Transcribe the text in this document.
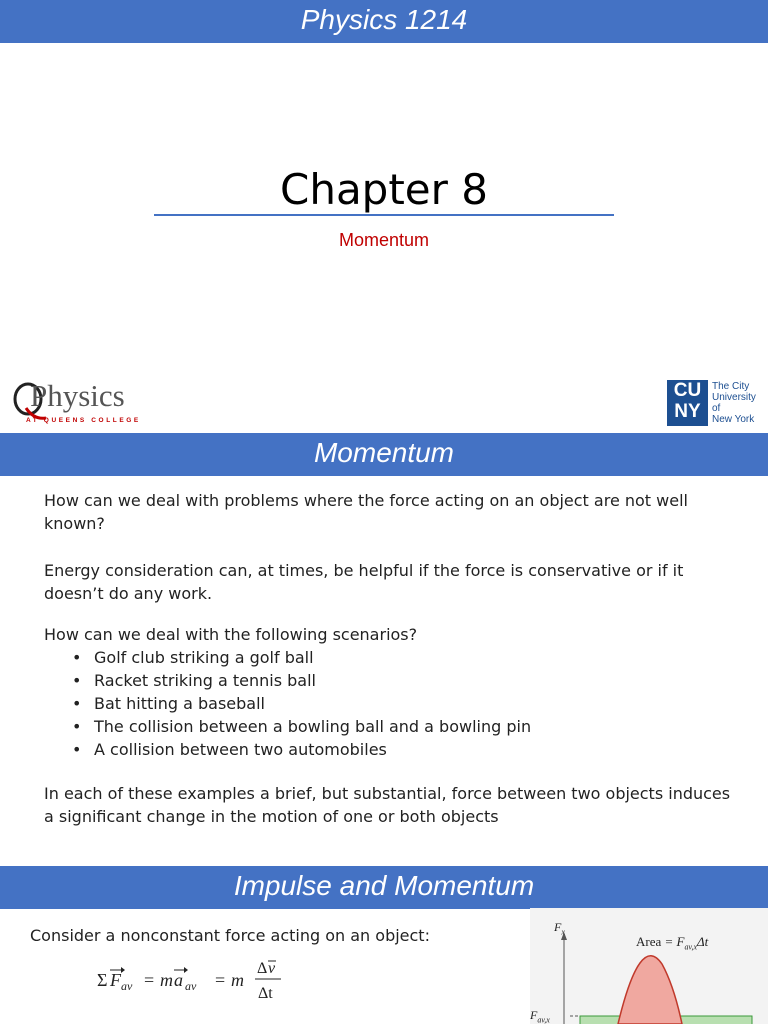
Physics 1214
Chapter 8
Momentum
Physics
AT QUEENS COLLEGE
CU
NY
The City
University
of
New York
Momentum
How can we deal with problems where the force acting on an object are not well known?
Energy consideration can, at times, be helpful if the force is conservative or if it doesn’t do any work.
How can we deal with the following scenarios?
• Golf club striking a golf ball
• Racket striking a tennis ball
• Bat hitting a baseball
• The collision between a bowling ball and a bowling pin
• A collision between two automobiles
In each of these examples a brief, but substantial, force between two objects induces a significant change in the motion of one or both objects
Impulse and Momentum
Consider a nonconstant force acting on an object:
Σ F av = m a av = m
Δ v
Δt
$F_x$
Area = $F_{av,x}\Delta t$
$F_{av,x}$
